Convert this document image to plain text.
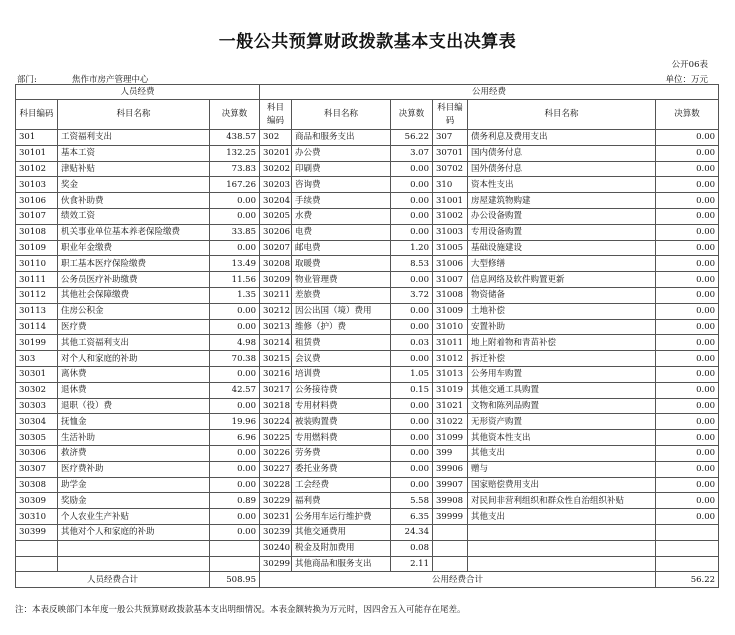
一般公共预算财政拨款基本支出决算表
公开06表
部门:	焦作市房产管理中心	单位：万元
人员经费			公用经费					
科目编码	科目名称	决算数	科目编码	科目名称	决算数	科目编码	科目名称	决算数
301	工资福利支出	438.57	302	商品和服务支出	56.22	307	债务利息及费用支出	0.00
30101	基本工资	132.25	30201	办公费	3.07	30701	国内债务付息	0.00
30102	津贴补贴	73.83	30202	印刷费	0.00	30702	国外债务付息	0.00
30103	奖金	167.26	30203	咨询费	0.00	310	资本性支出	0.00
30106	伙食补助费	0.00	30204	手续费	0.00	31001	房屋建筑物购建	0.00
30107	绩效工资	0.00	30205	水费	0.00	31002	办公设备购置	0.00
30108	机关事业单位基本养老保险缴费	33.85	30206	电费	0.00	31003	专用设备购置	0.00
30109	职业年金缴费	0.00	30207	邮电费	1.20	31005	基础设施建设	0.00
30110	职工基本医疗保险缴费	13.49	30208	取暖费	8.53	31006	大型修缮	0.00
30111	公务员医疗补助缴费	11.56	30209	物业管理费	0.00	31007	信息网络及软件购置更新	0.00
30112	其他社会保障缴费	1.35	30211	差旅费	3.72	31008	物资储备	0.00
30113	住房公积金	0.00	30212	因公出国（境）费用	0.00	31009	土地补偿	0.00
30114	医疗费	0.00	30213	维修（护）费	0.00	31010	安置补助	0.00
30199	其他工资福利支出	4.98	30214	租赁费	0.03	31011	地上附着物和青苗补偿	0.00
303	对个人和家庭的补助	70.38	30215	会议费	0.00	31012	拆迁补偿	0.00
30301	离休费	0.00	30216	培训费	1.05	31013	公务用车购置	0.00
30302	退休费	42.57	30217	公务接待费	0.15	31019	其他交通工具购置	0.00
30303	退职（役）费	0.00	30218	专用材料费	0.00	31021	文物和陈列品购置	0.00
30304	抚恤金	19.96	30224	被装购置费	0.00	31022	无形资产购置	0.00
30305	生活补助	6.96	30225	专用燃料费	0.00	31099	其他资本性支出	0.00
30306	救济费	0.00	30226	劳务费	0.00	399	其他支出	0.00
30307	医疗费补助	0.00	30227	委托业务费	0.00	39906	赠与	0.00
30308	助学金	0.00	30228	工会经费	0.00	39907	国家赔偿费用支出	0.00
30309	奖励金	0.89	30229	福利费	5.58	39908	对民间非营利组织和群众性自治组织补贴	0.00
30310	个人农业生产补贴	0.00	30231	公务用车运行维护费	6.35	39999	其他支出	0.00
30399	其他对个人和家庭的补助	0.00	30239	其他交通费用	24.34			
			30240	税金及附加费用	0.08			
			30299	其他商品和服务支出	2.11			
人员经费合计		508.95	公用经费合计					56.22
注：本表反映部门本年度一般公共预算财政拨款基本支出明细情况。本表金额转换为万元时，因四舍五入可能存在尾差。
